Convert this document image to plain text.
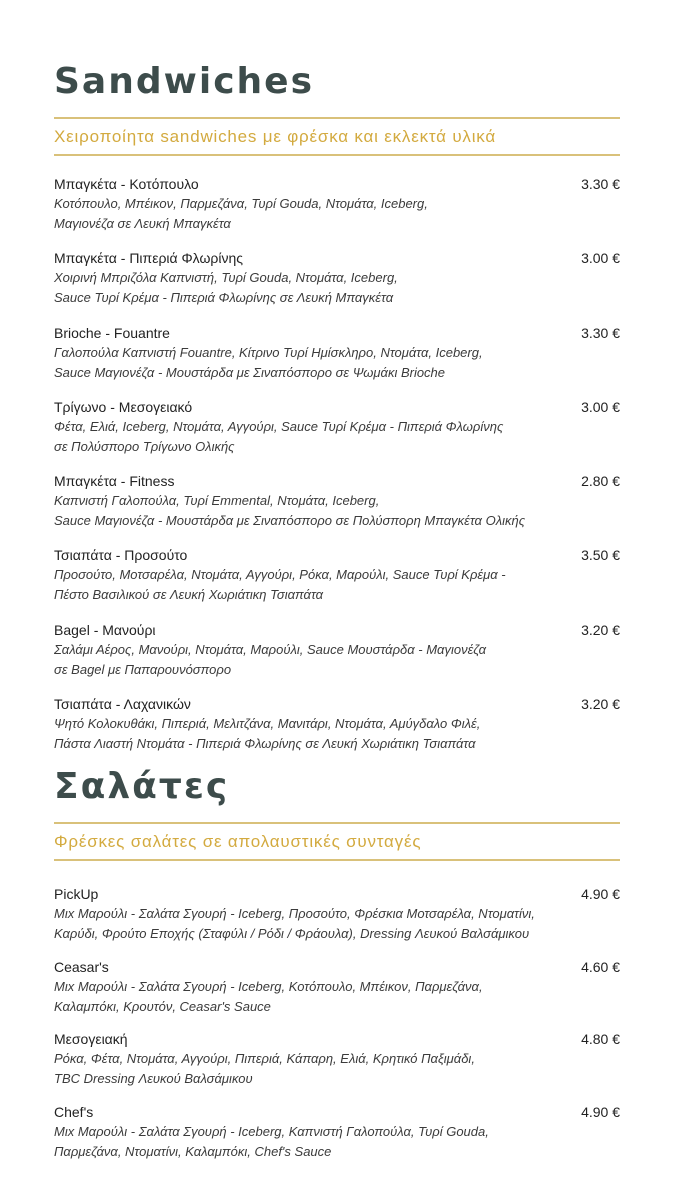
Sandwiches
Χειροποίητα sandwiches με φρέσκα και εκλεκτά υλικά
Μπαγκέτα - Κοτόπουλο	3.30 €
Κοτόπουλο, Μπέικον, Παρμεζάνα, Τυρί Gouda, Ντομάτα, Iceberg,
Μαγιονέζα σε Λευκή Μπαγκέτα
Μπαγκέτα - Πιπεριά Φλωρίνης	3.00 €
Χοιρινή Μπριζόλα Καπνιστή, Τυρί Gouda, Ντομάτα, Iceberg,
Sauce Τυρί Κρέμα - Πιπεριά Φλωρίνης σε Λευκή Μπαγκέτα
Brioche - Fouantre	3.30 €
Γαλοπούλα Καπνιστή Fouantre, Κίτρινο Τυρί Ημίσκληρο, Ντομάτα, Iceberg,
Sauce Μαγιονέζα - Μουστάρδα με Σιναπόσπορο σε Ψωμάκι Brioche
Τρίγωνο - Μεσογειακό	3.00 €
Φέτα, Ελιά, Iceberg, Ντομάτα, Αγγούρι, Sauce Τυρί Κρέμα - Πιπεριά Φλωρίνης
σε Πολύσπορο Τρίγωνο Ολικής
Μπαγκέτα - Fitness	2.80 €
Καπνιστή Γαλοπούλα, Τυρί Emmental, Ντομάτα, Iceberg,
Sauce Μαγιονέζα - Μουστάρδα με Σιναπόσπορο σε Πολύσπορη Μπαγκέτα Ολικής
Τσιαπάτα - Προσούτο	3.50 €
Προσούτο, Μοτσαρέλα, Ντομάτα, Αγγούρι, Ρόκα, Μαρούλι, Sauce Τυρί Κρέμα -
Πέστο Βασιλικού σε Λευκή Χωριάτικη Τσιαπάτα
Bagel - Μανούρι	3.20 €
Σαλάμι Αέρος, Μανούρι, Ντομάτα, Μαρούλι, Sauce Μουστάρδα - Μαγιονέζα
σε Bagel με Παπαρουνόσπορο
Τσιαπάτα - Λαχανικών	3.20 €
Ψητό Κολοκυθάκι, Πιπεριά, Μελιτζάνα, Μανιτάρι, Ντομάτα, Αμύγδαλο Φιλέ,
Πάστα Λιαστή Ντομάτα - Πιπεριά Φλωρίνης σε Λευκή Χωριάτικη Τσιαπάτα
Σαλάτες
Φρέσκες σαλάτες σε απολαυστικές συνταγές
PickUp	4.90 €
Μιx Μαρούλι - Σαλάτα Σγουρή - Iceberg, Προσούτο, Φρέσκια Μοτσαρέλα, Ντοματίνι,
Καρύδι, Φρούτο Εποχής (Σταφύλι / Ρόδι / Φράουλα), Dressing Λευκού Βαλσάμικου
Ceasar's	4.60 €
Μιx Μαρούλι - Σαλάτα Σγουρή - Iceberg, Κοτόπουλο, Μπέικον, Παρμεζάνα,
Καλαμπόκι, Κρουτόν, Ceasar's Sauce
Μεσογειακή	4.80 €
Ρόκα, Φέτα, Ντομάτα, Αγγούρι, Πιπεριά, Κάπαρη, Ελιά, Κρητικό Παξιμάδι,
TBC Dressing Λευκού Βαλσάμικου
Chef's	4.90 €
Μιx Μαρούλι - Σαλάτα Σγουρή - Iceberg, Καπνιστή Γαλοπούλα, Τυρί Gouda,
Παρμεζάνα, Ντοματίνι, Καλαμπόκι, Chef's Sauce
